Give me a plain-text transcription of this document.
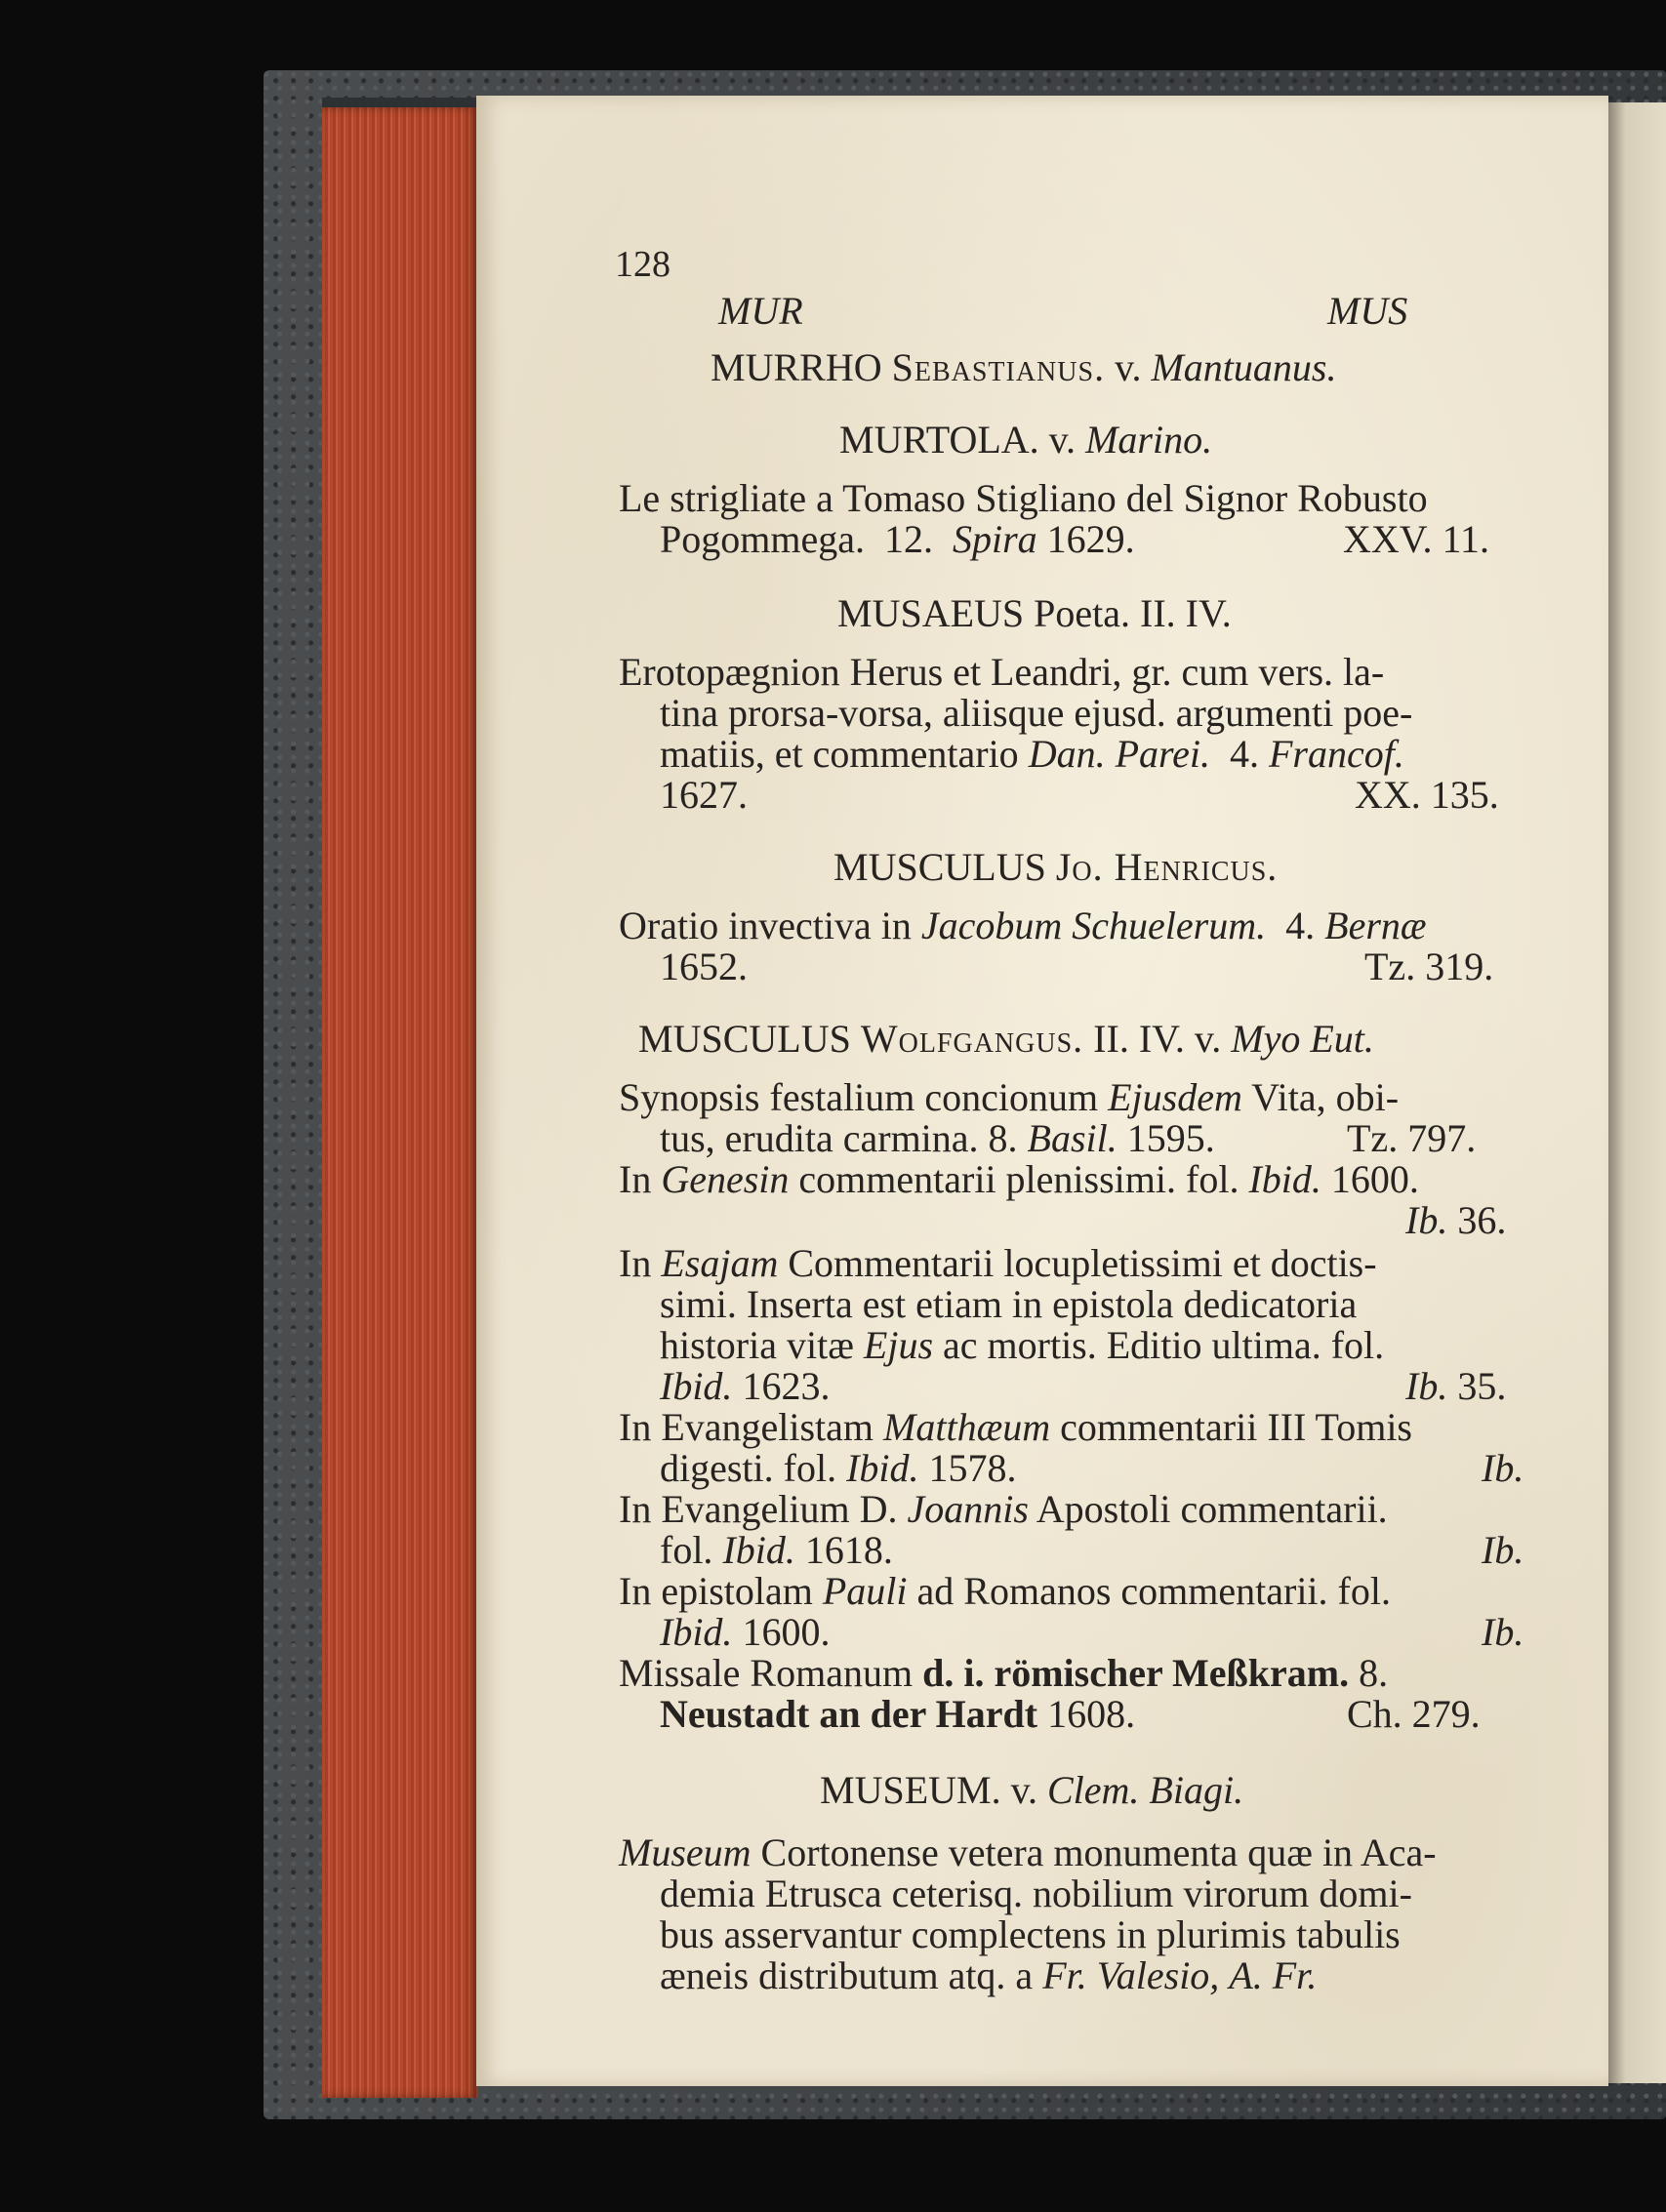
128
MUR	MUS
MURRHO Sebastianus. v. Mantuanus.
MURTOLA. v. Marino.
Le strigliate a Tomaso Stigliano del Signor Robusto
Pogommega. 12. Spira 1629.	XXV. 11.
MUSAEUS Poeta. II. IV.
Erotopægnion Herus et Leandri, gr. cum vers. la-
tina prorsa-vorsa, aliisque ejusd. argumenti poe-
matiis, et commentario Dan. Parei. 4. Francof.
1627.	XX. 135.
MUSCULUS Jo. Henricus.
Oratio invectiva in Jacobum Schuelerum. 4. Bernæ
1652.	Tz. 319.
MUSCULUS Wolfgangus. II. IV. v. Myo Eut.
Synopsis festalium concionum Ejusdem Vita, obi-
tus, erudita carmina. 8. Basil. 1595.	Tz. 797.
In Genesin commentarii plenissimi. fol. Ibid. 1600.
Ib. 36.
In Esajam Commentarii locupletissimi et doctis-
simi. Inserta est etiam in epistola dedicatoria
historia vitæ Ejus ac mortis. Editio ultima. fol.
Ibid. 1623.	Ib. 35.
In Evangelistam Matthæum commentarii III Tomis
digesti. fol. Ibid. 1578.	Ib.
In Evangelium D. Joannis Apostoli commentarii.
fol. Ibid. 1618.	Ib.
In epistolam Pauli ad Romanos commentarii. fol.
Ibid. 1600.	Ib.
Missale Romanum d. i. römischer Meßkram. 8.
Neustadt an der Hardt 1608.	Ch. 279.
MUSEUM. v. Clem. Biagi.
Museum Cortonense vetera monumenta quæ in Aca-
demia Etrusca ceterisq. nobilium virorum domi-
bus asservantur complectens in plurimis tabulis
æneis distributum atq. a Fr. Valesio, A. Fr.
